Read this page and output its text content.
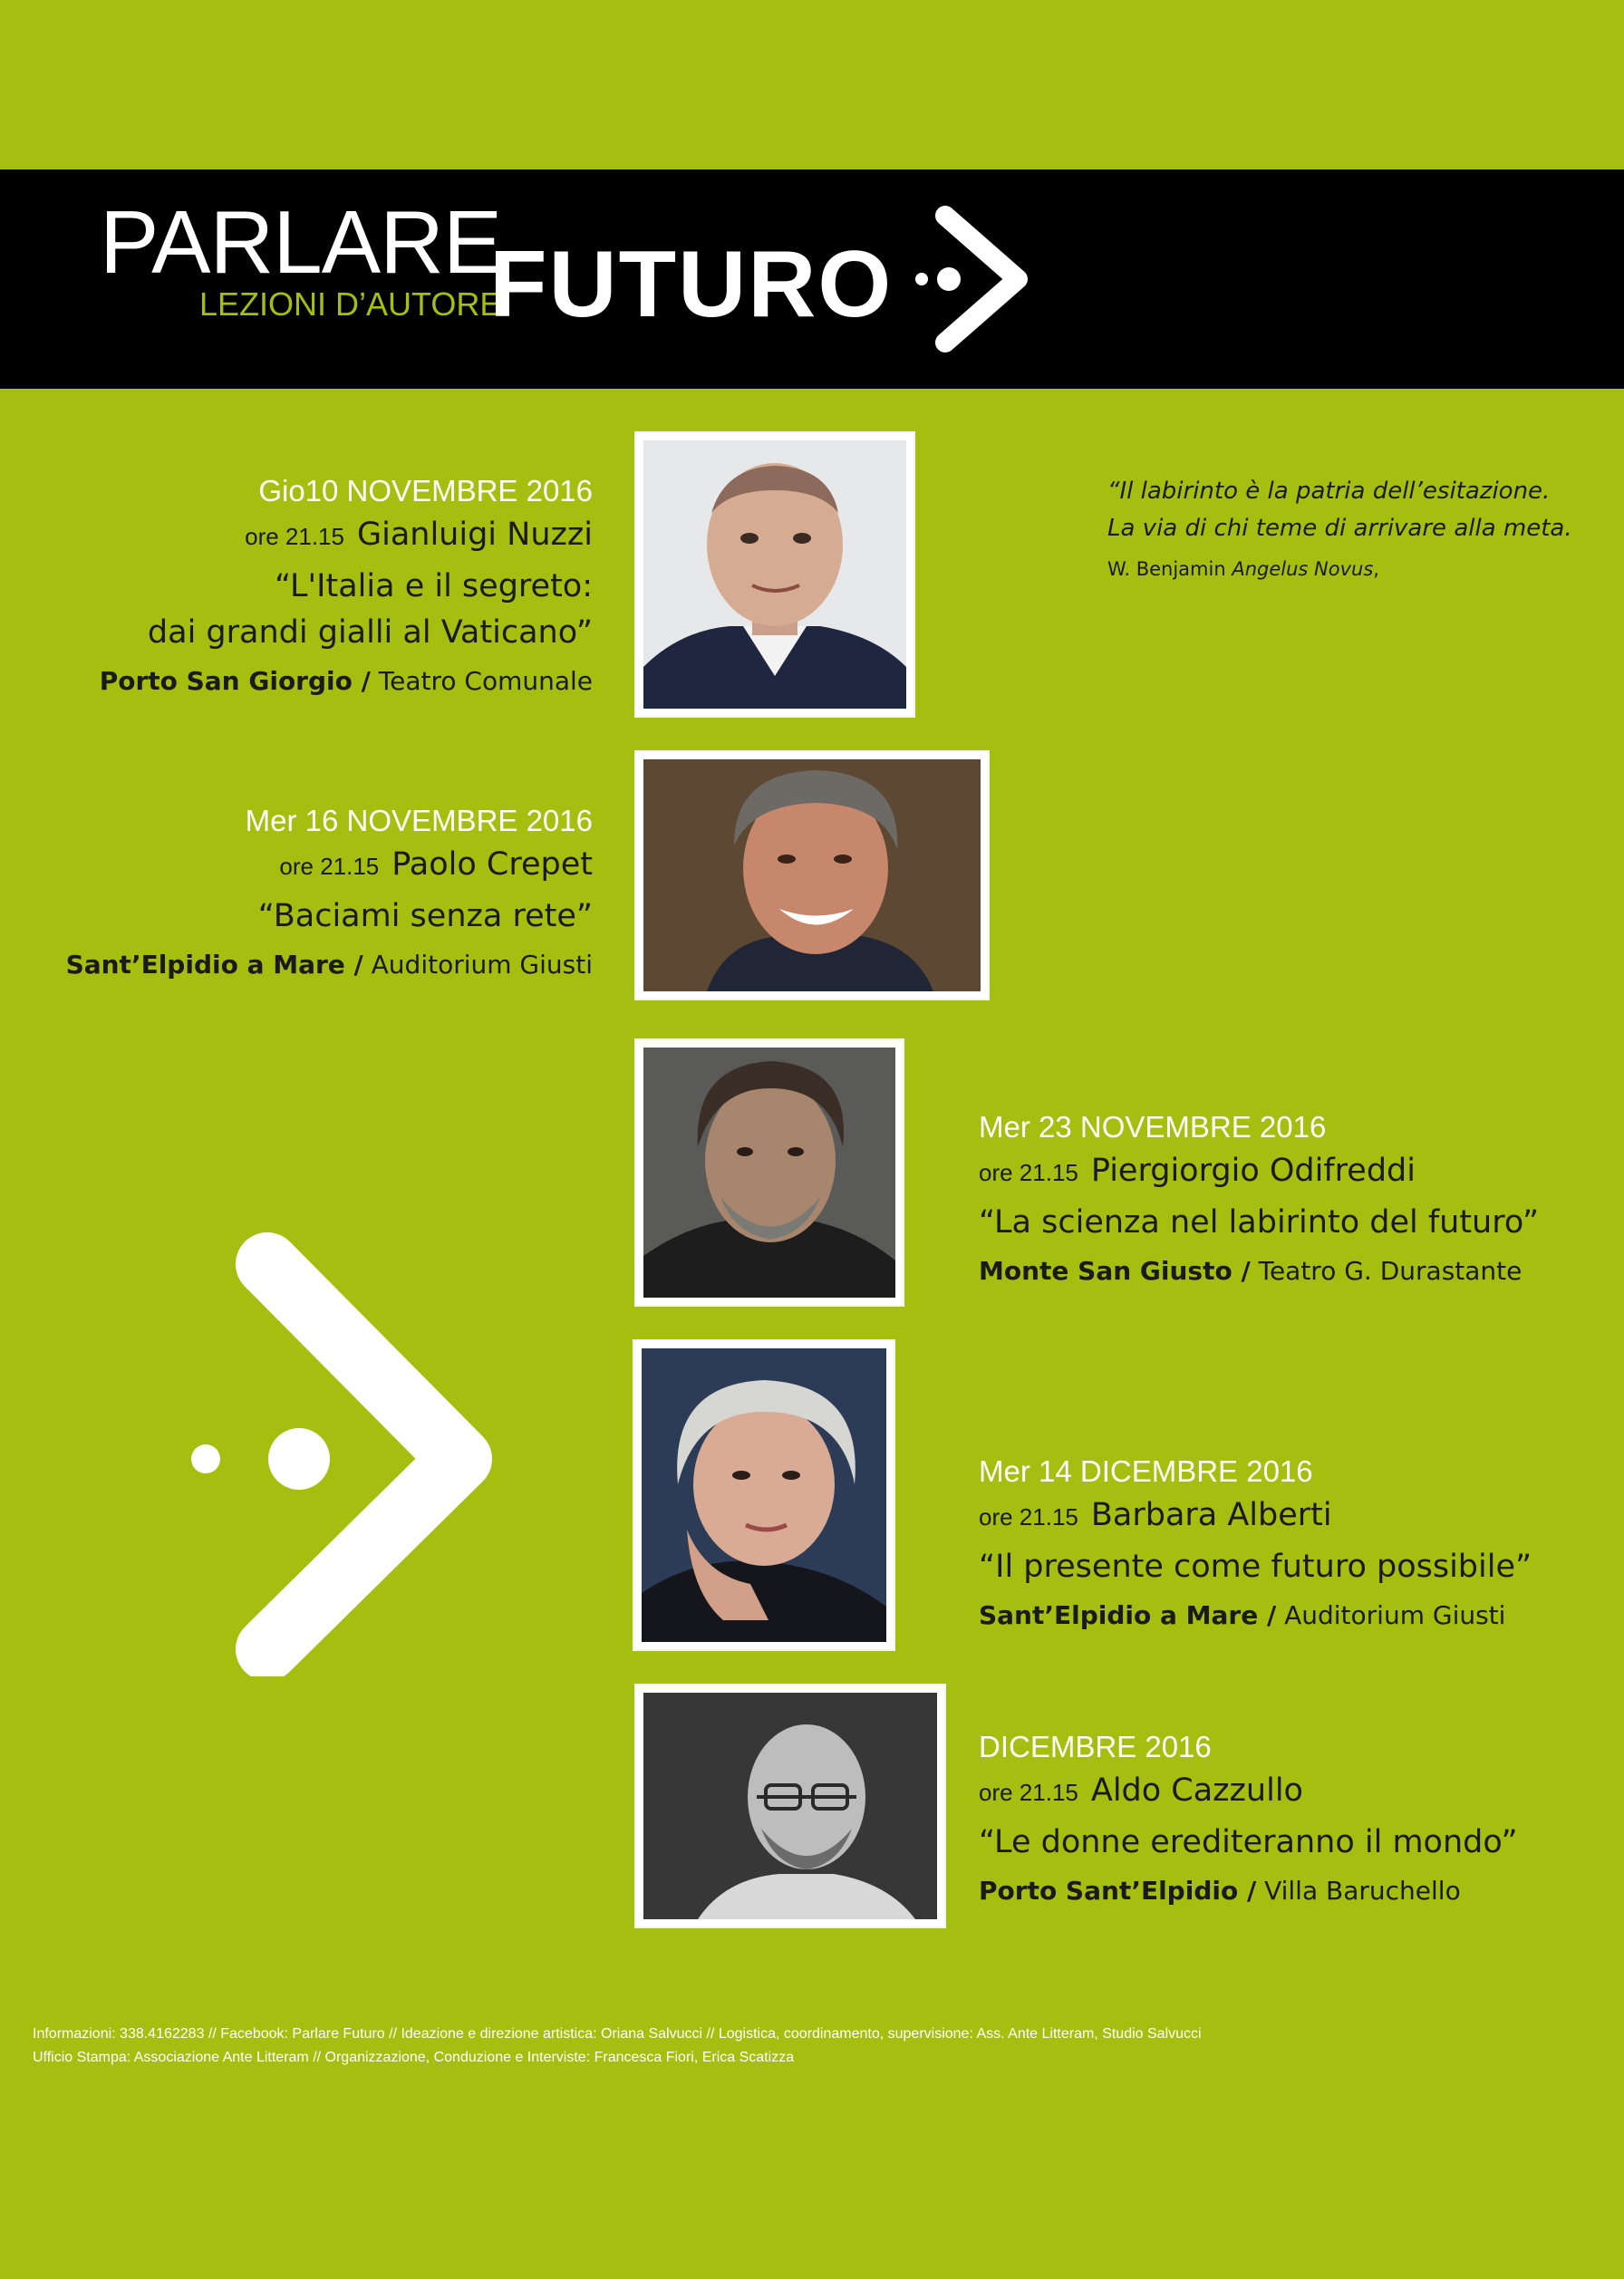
PARLARE
LEZIONI D’AUTORE
FUTURO
“Il labirinto è la patria dell’esitazione.
La via di chi teme di arrivare alla meta.
W. Benjamin Angelus Novus,
Gio10 NOVEMBRE 2016
ore 21.15 Gianluigi Nuzzi
“L'Italia e il segreto:
dai grandi gialli al Vaticano”
Porto San Giorgio / Teatro Comunale
Mer 16 NOVEMBRE 2016
ore 21.15 Paolo Crepet
“Baciami senza rete”
Sant’Elpidio a Mare / Auditorium Giusti
Mer 23 NOVEMBRE 2016
ore 21.15 Piergiorgio Odifreddi
“La scienza nel labirinto del futuro”
Monte San Giusto / Teatro G. Durastante
Mer 14 DICEMBRE 2016
ore 21.15 Barbara Alberti
“Il presente come futuro possibile”
Sant’Elpidio a Mare / Auditorium Giusti
DICEMBRE 2016
ore 21.15 Aldo Cazzullo
“Le donne erediteranno il mondo”
Porto Sant’Elpidio / Villa Baruchello
Informazioni: 338.4162283 // Facebook: Parlare Futuro // Ideazione e direzione artistica: Oriana Salvucci // Logistica, coordinamento, supervisione: Ass. Ante Litteram, Studio Salvucci
Ufficio Stampa: Associazione Ante Litteram // Organizzazione, Conduzione e Interviste: Francesca Fiori, Erica Scatizza
